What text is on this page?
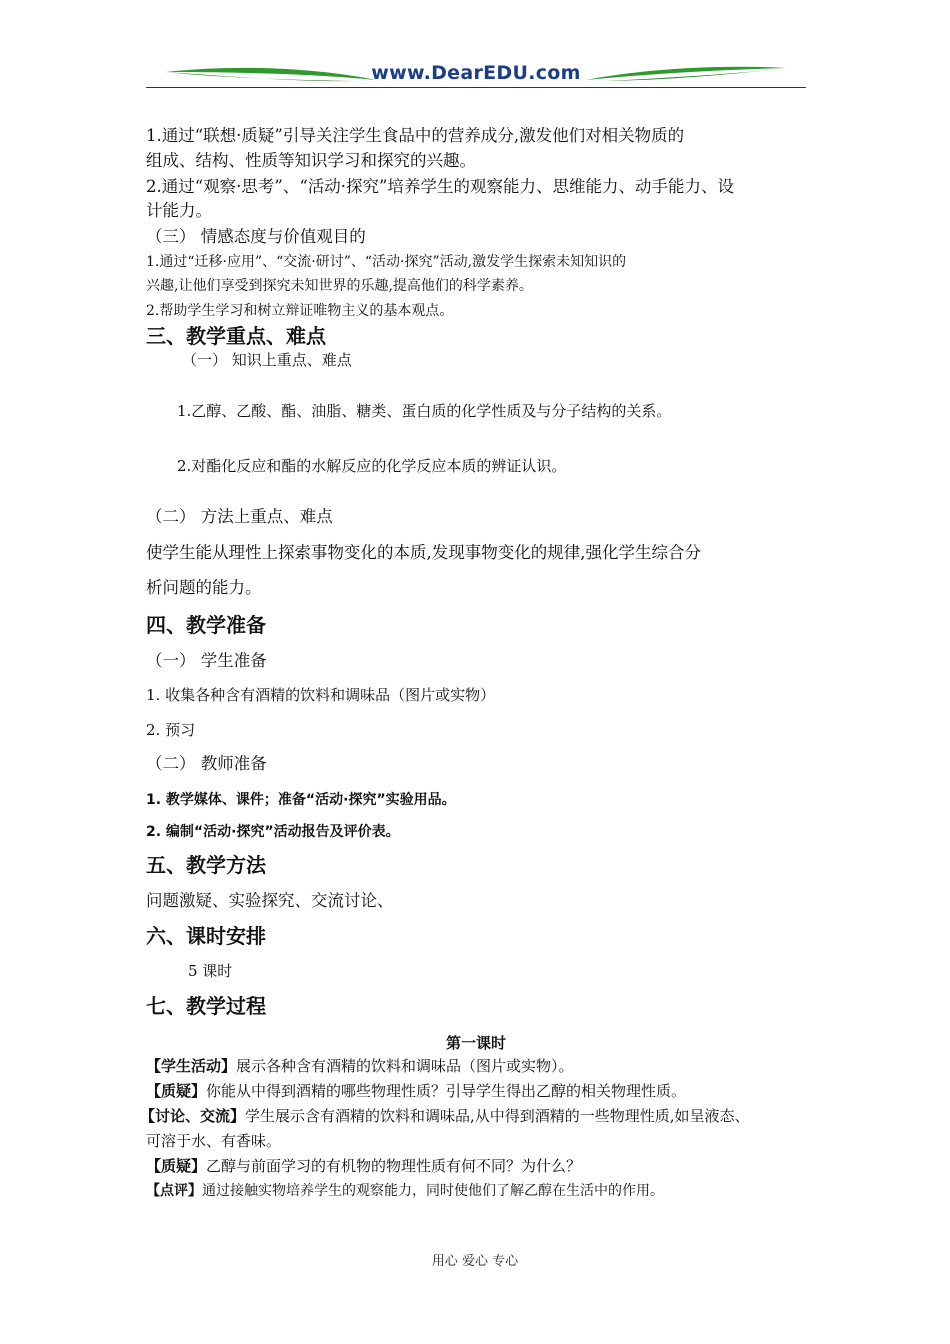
www.DearEDU.com
1.通过“联想·质疑”引导关注学生食品中的营养成分,激发他们对相关物质的
组成、结构、性质等知识学习和探究的兴趣。
2.通过“观察·思考”、“活动·探究”培养学生的观察能力、思维能力、动手能力、设
计能力。
（三） 情感态度与价值观目的
1.通过“迁移·应用”、“交流·研讨”、“活动·探究”活动,激发学生探索未知知识的
兴趣,让他们享受到探究未知世界的乐趣,提高他们的科学素养。
2.帮助学生学习和树立辩证唯物主义的基本观点。
三、教学重点、难点
（一） 知识上重点、难点
1.乙醇、乙酸、酯、油脂、糖类、蛋白质的化学性质及与分子结构的关系。
2.对酯化反应和酯的水解反应的化学反应本质的辨证认识。
（二） 方法上重点、难点
使学生能从理性上探索事物变化的本质,发现事物变化的规律,强化学生综合分
析问题的能力。
四、教学准备
（一） 学生准备
1. 收集各种含有酒精的饮料和调味品（图片或实物）
2. 预习
（二） 教师准备
1. 教学媒体、课件；准备“活动·探究”实验用品。
2. 编制“活动·探究”活动报告及评价表。
五、教学方法
问题激疑、实验探究、交流讨论、
六、课时安排
5 课时
七、教学过程
第一课时
【学生活动】展示各种含有酒精的饮料和调味品（图片或实物）。
【质疑】你能从中得到酒精的哪些物理性质？引导学生得出乙醇的相关物理性质。
【讨论、交流】学生展示含有酒精的饮料和调味品,从中得到酒精的一些物理性质,如呈液态、
可溶于水、有香味。
【质疑】乙醇与前面学习的有机物的物理性质有何不同？为什么？
【点评】通过接触实物培养学生的观察能力，同时使他们了解乙醇在生活中的作用。
用心 爱心 专心
